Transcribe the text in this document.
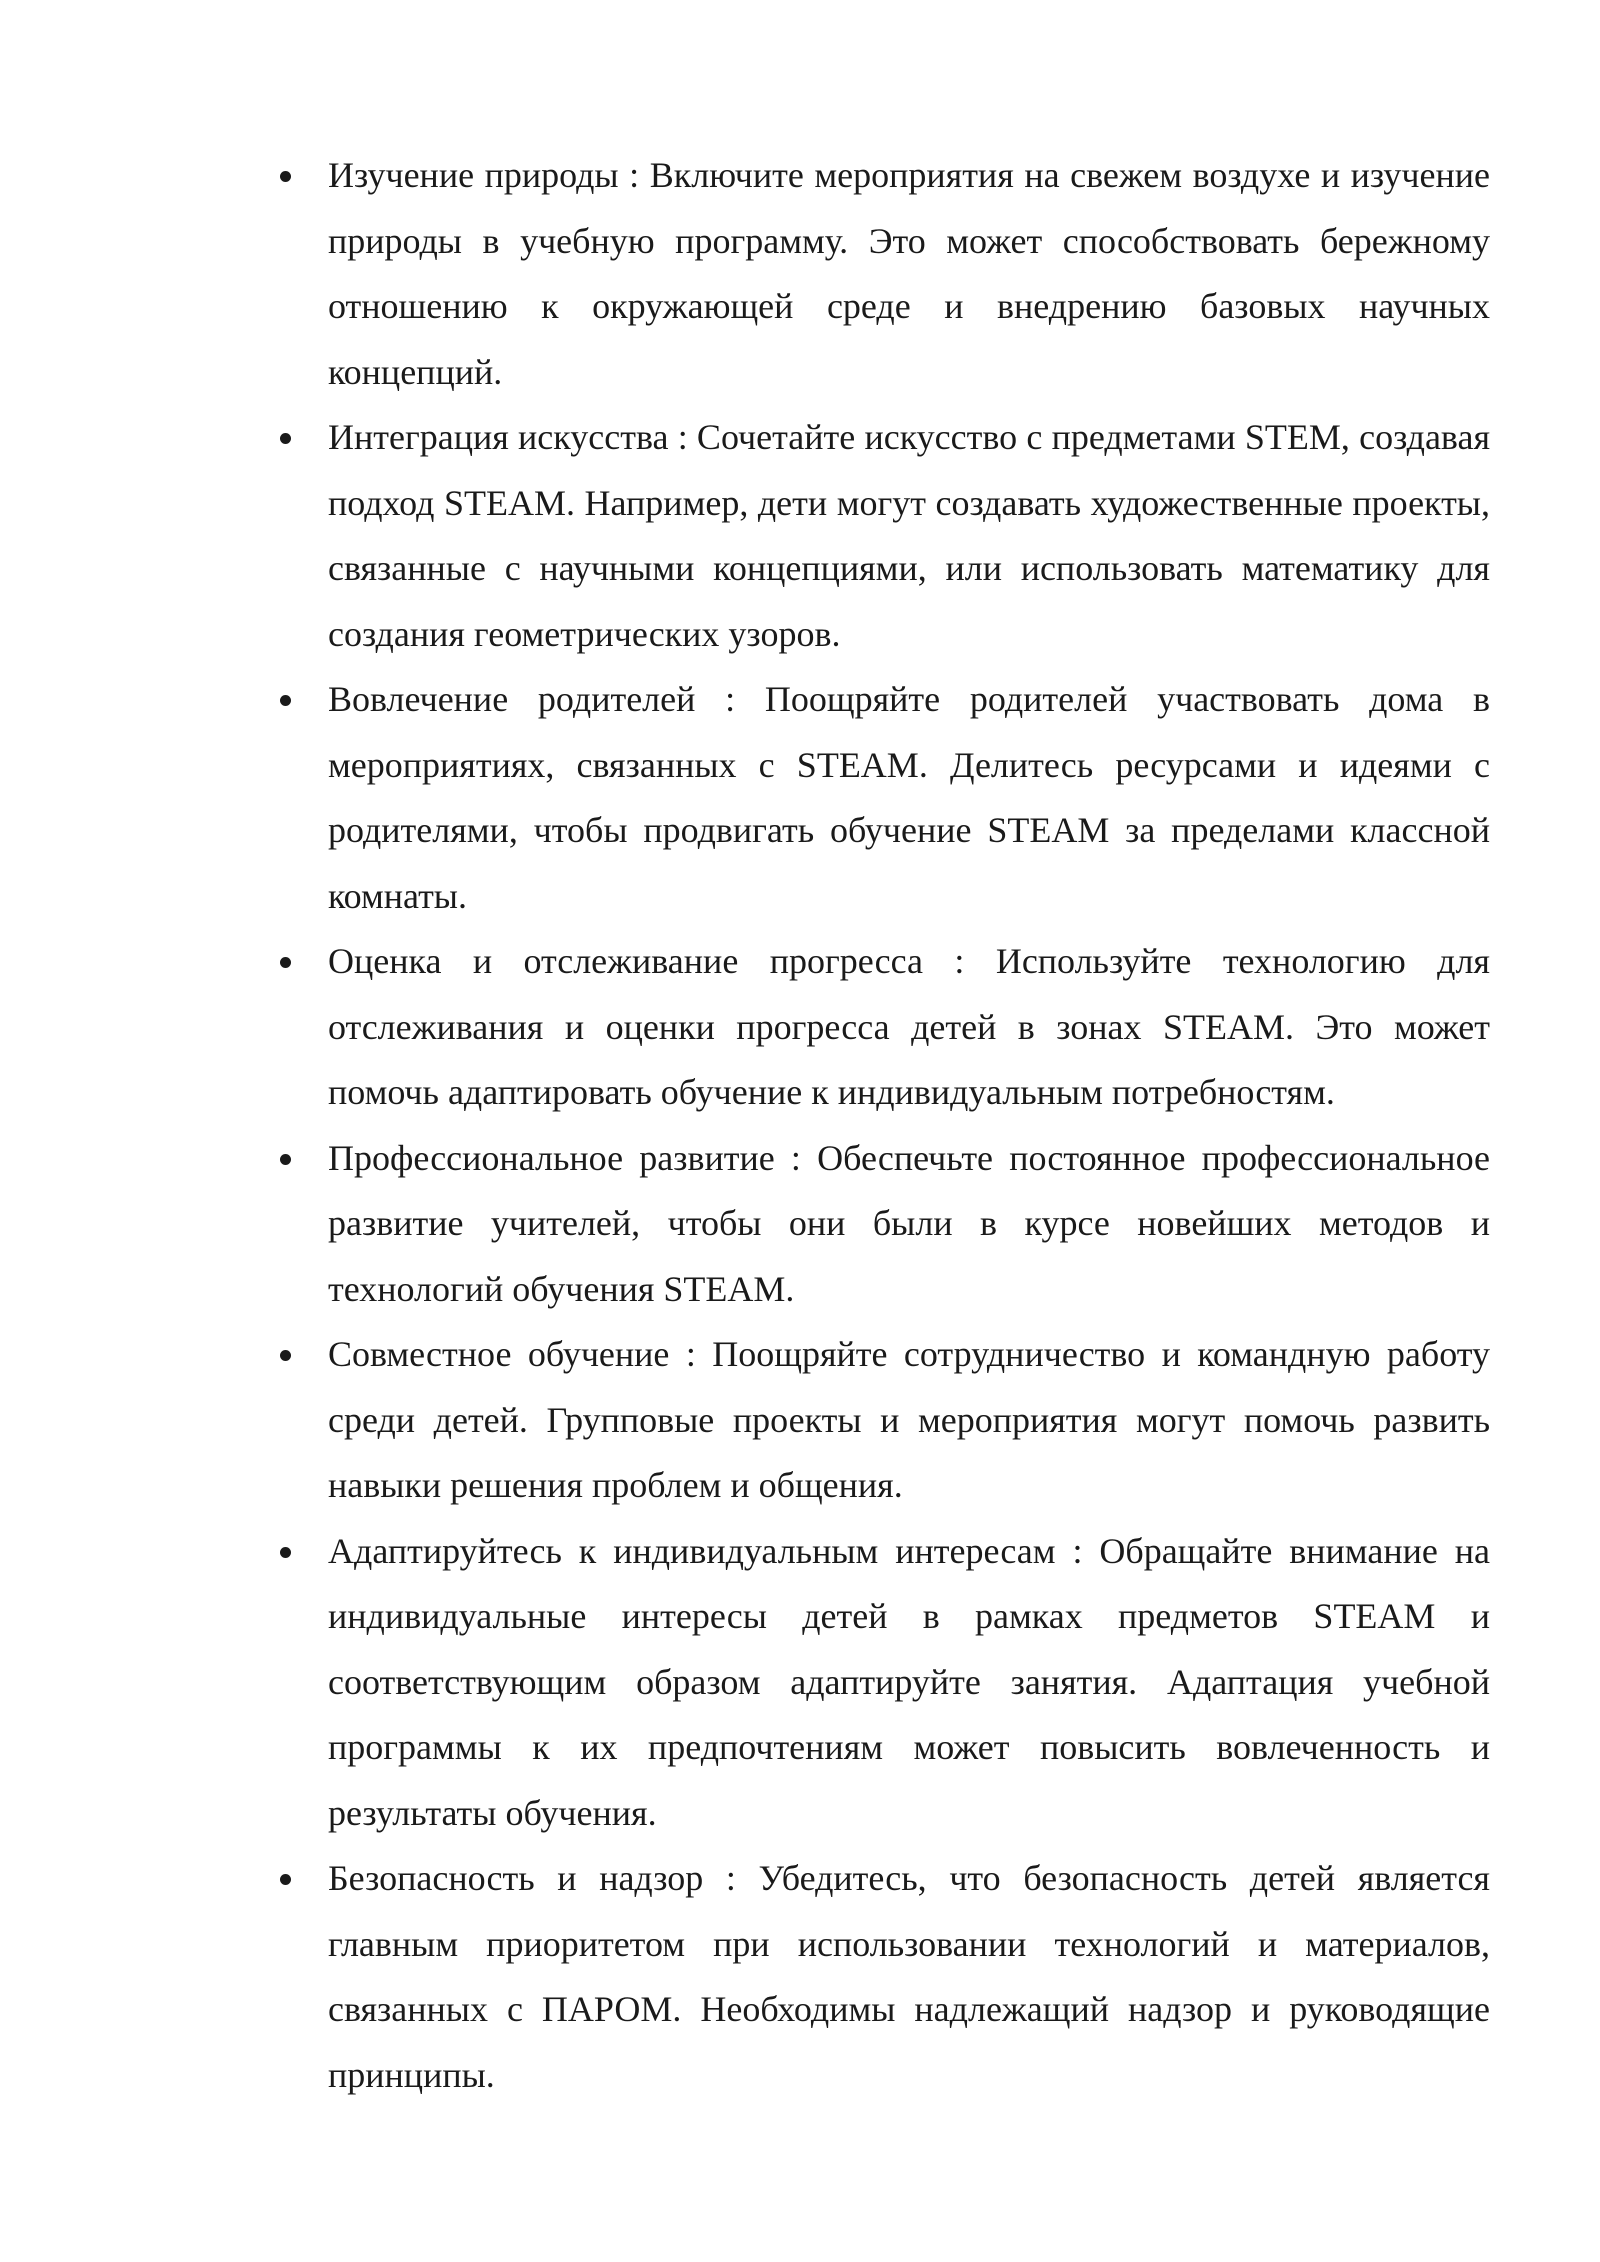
Изучение природы : Включите мероприятия на свежем воздухе и изучение природы в учебную программу. Это может способствовать бережному отношению к окружающей среде и внедрению базовых научных концепций.
Интеграция искусства : Сочетайте искусство с предметами STEM, создавая подход STEAM. Например, дети могут создавать художественные проекты, связанные с научными концепциями, или использовать математику для создания геометрических узоров.
Вовлечение родителей : Поощряйте родителей участвовать дома в мероприятиях, связанных с STEAM. Делитесь ресурсами и идеями с родителями, чтобы продвигать обучение STEAM за пределами классной комнаты.
Оценка и отслеживание прогресса : Используйте технологию для отслеживания и оценки прогресса детей в зонах STEAM. Это может помочь адаптировать обучение к индивидуальным потребностям.
Профессиональное развитие : Обеспечьте постоянное профессиональное развитие учителей, чтобы они были в курсе новейших методов и технологий обучения STEAM.
Совместное обучение : Поощряйте сотрудничество и командную работу среди детей. Групповые проекты и мероприятия могут помочь развить навыки решения проблем и общения.
Адаптируйтесь к индивидуальным интересам : Обращайте внимание на индивидуальные интересы детей в рамках предметов STEAM и соответствующим образом адаптируйте занятия. Адаптация учебной программы к их предпочтениям может повысить вовлеченность и результаты обучения.
Безопасность и надзор : Убедитесь, что безопасность детей является главным приоритетом при использовании технологий и материалов, связанных с ПАРОМ. Необходимы надлежащий надзор и руководящие принципы.
